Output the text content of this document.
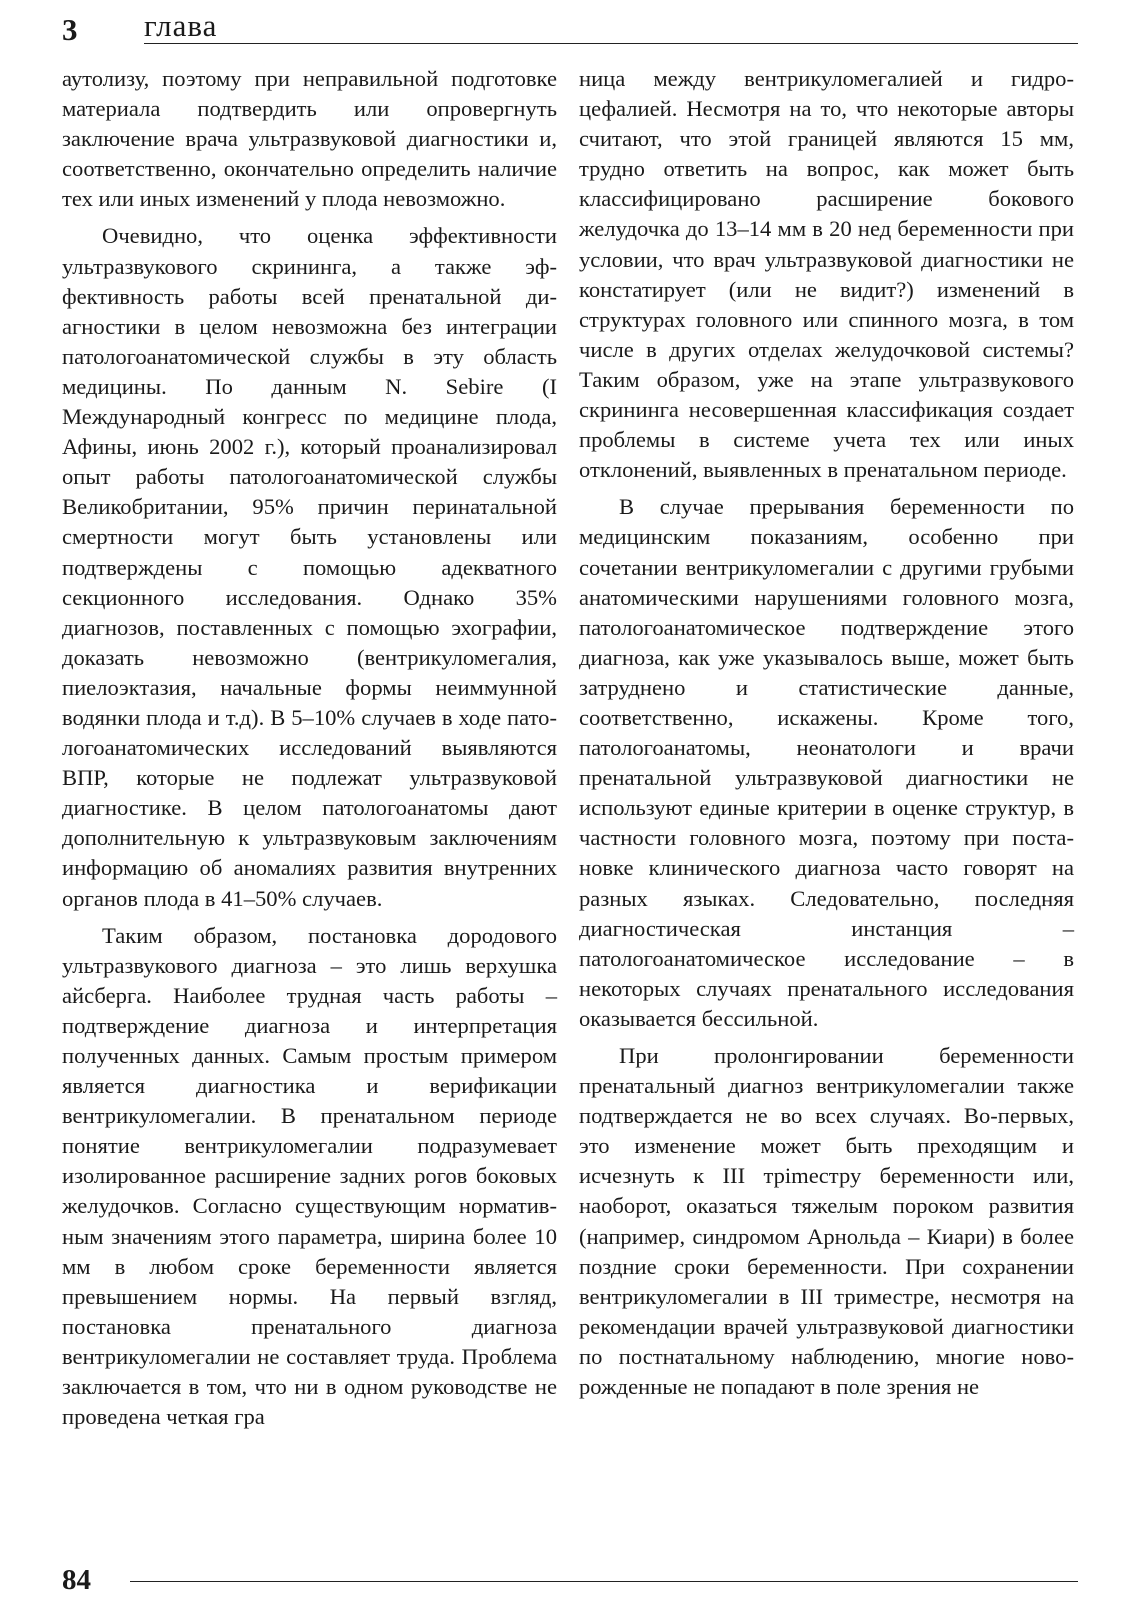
3 глава

аутолизу, поэтому при неправильной подготовке материала подтвердить или опровергнуть заключение врача ультразвуковой диагностики и, соответственно, окончательно определить наличие тех или иных изменений у плода невозможно.

Очевидно, что оценка эффективности ультразвукового скрининга, а также эффективность работы всей пренатальной диагностики в целом невозможна без интеграции патологоанатомической службы в эту область медицины. По данным N. Sebire (I Международный конгресс по медицине плода, Афины, июнь 2002 г.), который проанализировал опыт работы патологоанатомической службы Великобритании, 95% причин перинатальной смертности могут быть установлены или подтверждены с помощью адекватного секционного исследования. Однако 35% диагнозов, поставленных с помощью эхографии, доказать невозможно (вентрикуломегалия, пиелоэктазия, начальные формы неиммунной водянки плода и т.д). В 5–10% случаев в ходе патологоанатомических исследований выявляются ВПР, которые не подлежат ультразвуковой диагностике. В целом патологоанатомы дают дополнительную к ультразвуковым заключениям информацию об аномалиях развития внутренних органов плода в 41–50% случаев.

Таким образом, постановка дородового ультразвукового диагноза – это лишь верхушка айсберга. Наиболее трудная часть работы – подтверждение диагноза и интерпретация полученных данных. Самым простым примером является диагностика и верификации вентрикуломегалии. В пренатальном периоде понятие вентрикуломегалии подразумевает изолированное расширение задних рогов боковых желудочков. Согласно существующим нормативным значениям этого параметра, ширина более 10 мм в любом сроке беременности является превышением нормы. На первый взгляд, постановка пренатального диагноза вентрикуломегалии не составляет труда. Проблема заключается в том, что ни в одном руководстве не проведена четкая гра

ница между вентрикуломегалией и гидроцефалией. Несмотря на то, что некоторые авторы считают, что этой границей являются 15 мм, трудно ответить на вопрос, как может быть классифицировано расширение бокового желудочка до 13–14 мм в 20 нед беременности при условии, что врач ультразвуковой диагностики не констатирует (или не видит?) изменений в структурах головного или спинного мозга, в том числе в других отделах желудочковой системы? Таким образом, уже на этапе ультразвукового скрининга несовершенная классификация создает проблемы в системе учета тех или иных отклонений, выявленных в пренатальном периоде.

В случае прерывания беременности по медицинским показаниям, особенно при сочетании вентрикуломегалии с другими грубыми анатомическими нарушениями головного мозга, патологоанатомическое подтверждение этого диагноза, как уже указывалось выше, может быть затруднено и статистические данные, соответственно, искажены. Кроме того, патологоанатомы, неонатологи и врачи пренатальной ультразвуковой диагностики не используют единые критерии в оценке структур, в частности головного мозга, поэтому при постановке клинического диагноза часто говорят на разных языках. Следовательно, последняя диагностическая инстанция – патологоанатомическое исследование – в некоторых случаях пренатального исследования оказывается бессильной.

При пролонгировании беременности пренатальный диагноз вентрикуломегалии также подтверждается не во всех случаях. Во-первых, это изменение может быть преходящим и исчезнуть к III трimeстру беременности или, наоборот, оказаться тяжелым пороком развития (например, синдромом Арнольда – Киари) в более поздние сроки беременности. При сохранении вентрикуломегалии в III триместре, несмотря на рекомендации врачей ультразвуковой диагностики по постнатальному наблюдению, многие новорожденные не попадают в поле зрения не

84
